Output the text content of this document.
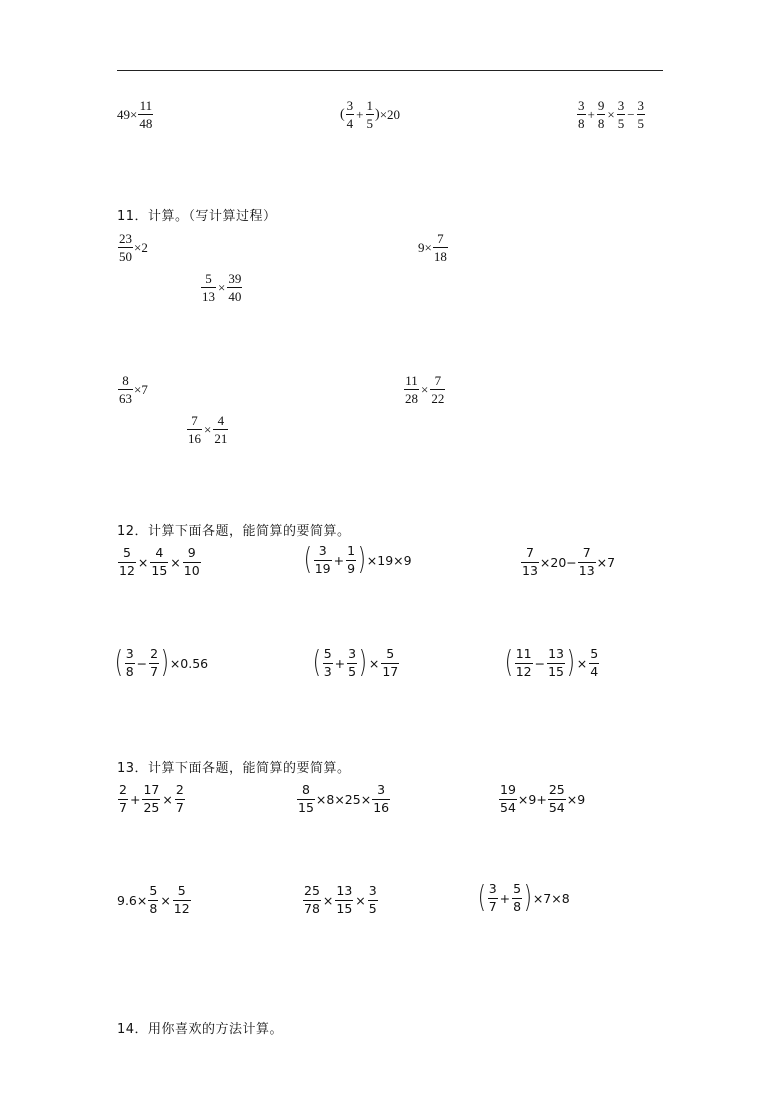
$49\times \frac{11}{48}$	( $\frac{3}{4} + \frac{1}{5}$ ) ×20	$\frac{3}{8} + \frac{9}{8} \times \frac{3}{5} - \frac{3}{5}$
11．计算。（写计算过程）
$\frac{23}{50} \times 2$	$9\times \frac{7}{18}$
$\frac{5}{13} \times \frac{39}{40}$
$\frac{8}{63} \times 7$	$\frac{11}{28} \times \frac{7}{22}$
$\frac{7}{16} \times \frac{4}{21}$
12．计算下面各题，能简算的要简算。
$\frac{5}{12} \times \frac{4}{15} \times \frac{9}{10}$	( $\frac{3}{19} + \frac{1}{9}$ ) ×19×9	$\frac{7}{13} \times 20- \frac{7}{13} \times 7$
( $\frac{3}{8} - \frac{2}{7}$ ) ×0.56	( $\frac{5}{3} + \frac{3}{5}$ ) × $\frac{5}{17}$	( $\frac{11}{12} - \frac{13}{15}$ ) × $\frac{5}{4}$
13．计算下面各题，能简算的要简算。
$\frac{2}{7} + \frac{17}{25} \times \frac{2}{7}$	$\frac{8}{15} \times 8\times 25\times \frac{3}{16}$	$\frac{19}{54} \times 9+ \frac{25}{54} \times 9$
$9.6\times \frac{5}{8} \times \frac{5}{12}$	$\frac{25}{78} \times \frac{13}{15} \times \frac{3}{5}$	( $\frac{3}{7} + \frac{5}{8}$ ) ×7×8
14．用你喜欢的方法计算。
